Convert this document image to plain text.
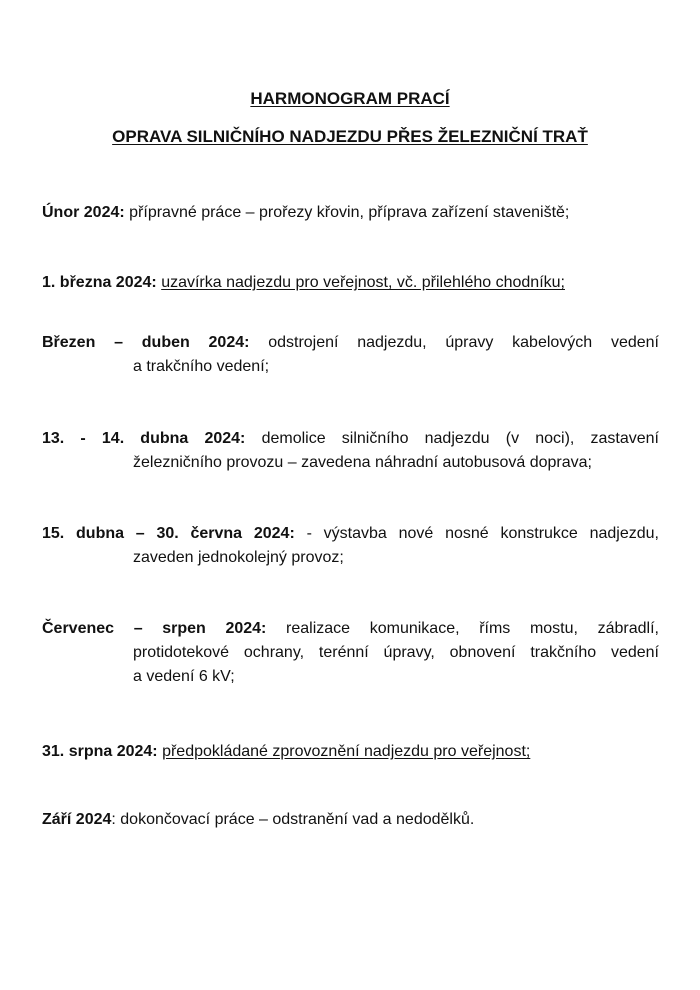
HARMONOGRAM PRACÍ
OPRAVA SILNIČNÍHO NADJEZDU PŘES ŽELEZNIČNÍ TRAŤ
Únor 2024: přípravné práce – prořezy křovin, příprava zařízení staveniště;
1. března 2024: uzavírka nadjezdu pro veřejnost, vč. přilehlého chodníku;
Březen – duben 2024: odstrojení nadjezdu, úpravy kabelových vedení
a trakčního vedení;
13. - 14. dubna 2024: demolice silničního nadjezdu (v noci), zastavení
železničního provozu – zavedena náhradní autobusová doprava;
15. dubna – 30. června 2024: - výstavba nové nosné konstrukce nadjezdu,
zaveden jednokolejný provoz;
Červenec – srpen 2024: realizace komunikace, říms mostu, zábradlí,
protidotekové ochrany, terénní úpravy, obnovení trakčního vedení
a vedení 6 kV;
31. srpna 2024: předpokládané zprovoznění nadjezdu pro veřejnost;
Září 2024: dokončovací práce – odstranění vad a nedodělků.
